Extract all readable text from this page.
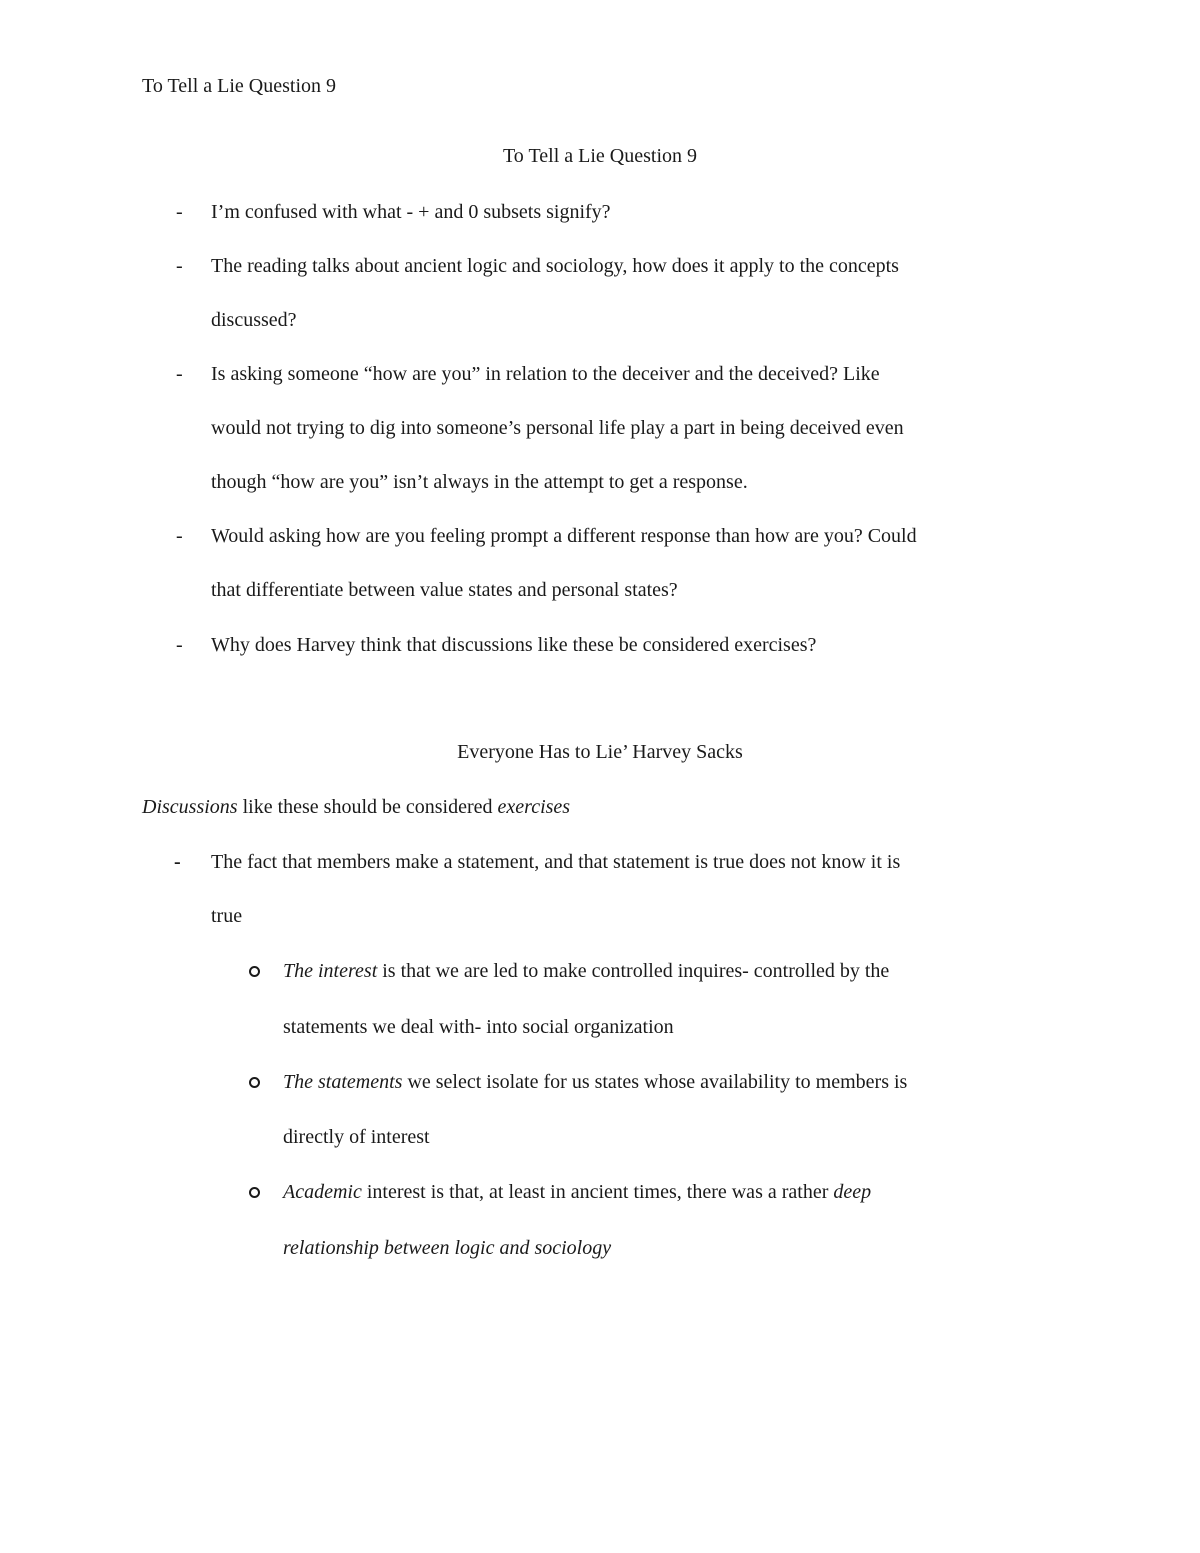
To Tell a Lie Question 9
To Tell a Lie Question 9
- I’m confused with what - + and 0 subsets signify?
- The reading talks about ancient logic and sociology, how does it apply to the concepts
discussed?
- Is asking someone “how are you” in relation to the deceiver and the deceived? Like
would not trying to dig into someone’s personal life play a part in being deceived even
though “how are you” isn’t always in the attempt to get a response.
- Would asking how are you feeling prompt a different response than how are you? Could
that differentiate between value states and personal states?
- Why does Harvey think that discussions like these be considered exercises?
Everyone Has to Lie’ Harvey Sacks
Discussions like these should be considered exercises
- The fact that members make a statement, and that statement is true does not know it is
true
The interest is that we are led to make controlled inquires- controlled by the
statements we deal with- into social organization
The statements we select isolate for us states whose availability to members is
directly of interest
Academic interest is that, at least in ancient times, there was a rather deep
relationship between logic and sociology
